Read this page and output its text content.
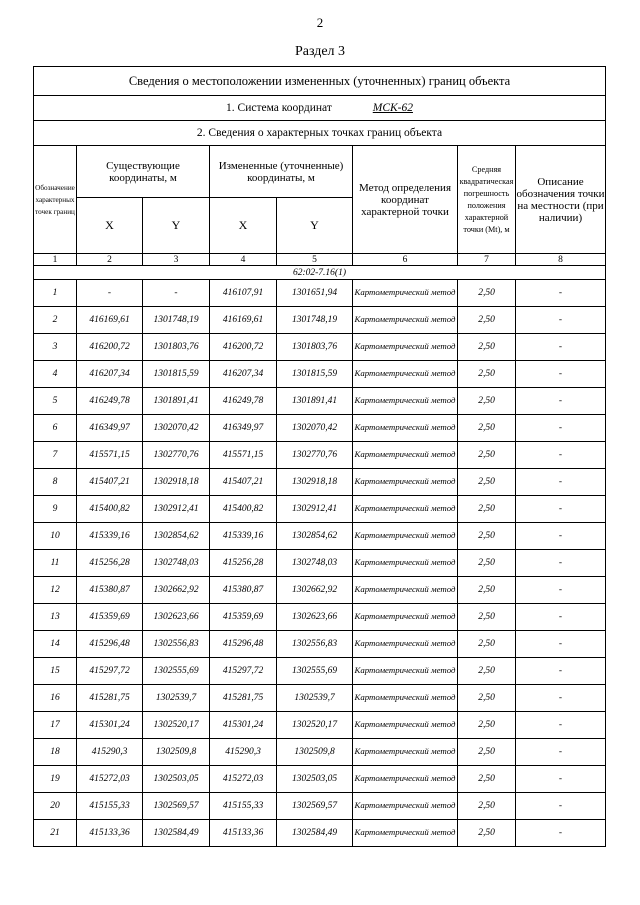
2
Раздел 3
Сведения о местоположении измененных (уточненных) границ объекта							
1. Система координат МСК-62							
2. Сведения о характерных точках границ объекта							
Обозначение характерных точек границ	Существующие координаты, м		Измененные (уточненные) координаты, м		Метод определения координат характерной точки	Средняя квадратическая погрешность положения характерной точки (Mt), м	Описание обозначения точки на местности (при наличии)
	X	Y	X	Y			
1	2	3	4	5	6	7	8
62:02-7.16(1)							
1	-	-	416107,91	1301651,94	Картометрический метод	2,50	-
2	416169,61	1301748,19	416169,61	1301748,19	Картометрический метод	2,50	-
3	416200,72	1301803,76	416200,72	1301803,76	Картометрический метод	2,50	-
4	416207,34	1301815,59	416207,34	1301815,59	Картометрический метод	2,50	-
5	416249,78	1301891,41	416249,78	1301891,41	Картометрический метод	2,50	-
6	416349,97	1302070,42	416349,97	1302070,42	Картометрический метод	2,50	-
7	415571,15	1302770,76	415571,15	1302770,76	Картометрический метод	2,50	-
8	415407,21	1302918,18	415407,21	1302918,18	Картометрический метод	2,50	-
9	415400,82	1302912,41	415400,82	1302912,41	Картометрический метод	2,50	-
10	415339,16	1302854,62	415339,16	1302854,62	Картометрический метод	2,50	-
11	415256,28	1302748,03	415256,28	1302748,03	Картометрический метод	2,50	-
12	415380,87	1302662,92	415380,87	1302662,92	Картометрический метод	2,50	-
13	415359,69	1302623,66	415359,69	1302623,66	Картометрический метод	2,50	-
14	415296,48	1302556,83	415296,48	1302556,83	Картометрический метод	2,50	-
15	415297,72	1302555,69	415297,72	1302555,69	Картометрический метод	2,50	-
16	415281,75	1302539,7	415281,75	1302539,7	Картометрический метод	2,50	-
17	415301,24	1302520,17	415301,24	1302520,17	Картометрический метод	2,50	-
18	415290,3	1302509,8	415290,3	1302509,8	Картометрический метод	2,50	-
19	415272,03	1302503,05	415272,03	1302503,05	Картометрический метод	2,50	-
20	415155,33	1302569,57	415155,33	1302569,57	Картометрический метод	2,50	-
21	415133,36	1302584,49	415133,36	1302584,49	Картометрический метод	2,50	-
